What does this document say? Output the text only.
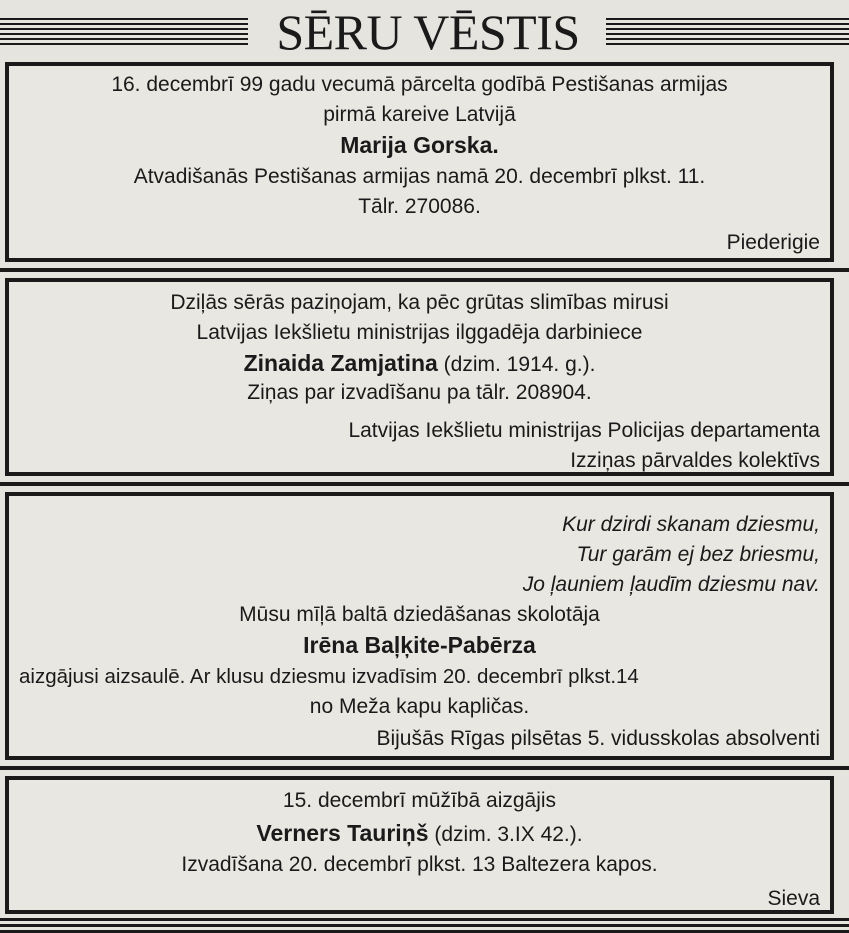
SĒRU VĒSTIS
16. decembrī 99 gadu vecumā pārcelta godībā Pestišanas armijas
pirmā kareive Latvijā
Marija Gorska.
Atvadišanās Pestišanas armijas namā 20. decembrī plkst. 11.
Tālr. 270086.
Piederigie
Dziļās sērās paziņojam, ka pēc grūtas slimības mirusi
Latvijas Iekšlietu ministrijas ilggadēja darbiniece
Zinaida Zamjatina (dzim. 1914. g.).
Ziņas par izvadīšanu pa tālr. 208904.
Latvijas Iekšlietu ministrijas Policijas departamenta
Izziņas pārvaldes kolektīvs
Kur dzirdi skanam dziesmu,
Tur garām ej bez briesmu,
Jo ļauniem ļaudīm dziesmu nav.
Mūsu mīļā baltā dziedāšanas skolotāja
Irēna Baļķite-Pabērza
aizgājusi aizsaulē. Ar klusu dziesmu izvadīsim 20. decembrī plkst.14
no Meža kapu kapličas.
Bijušās Rīgas pilsētas 5. vidusskolas absolventi
15. decembrī mūžībā aizgājis
Verners Tauriņš (dzim. 3.IX 42.).
Izvadīšana 20. decembrī plkst. 13 Baltezera kapos.
Sieva
